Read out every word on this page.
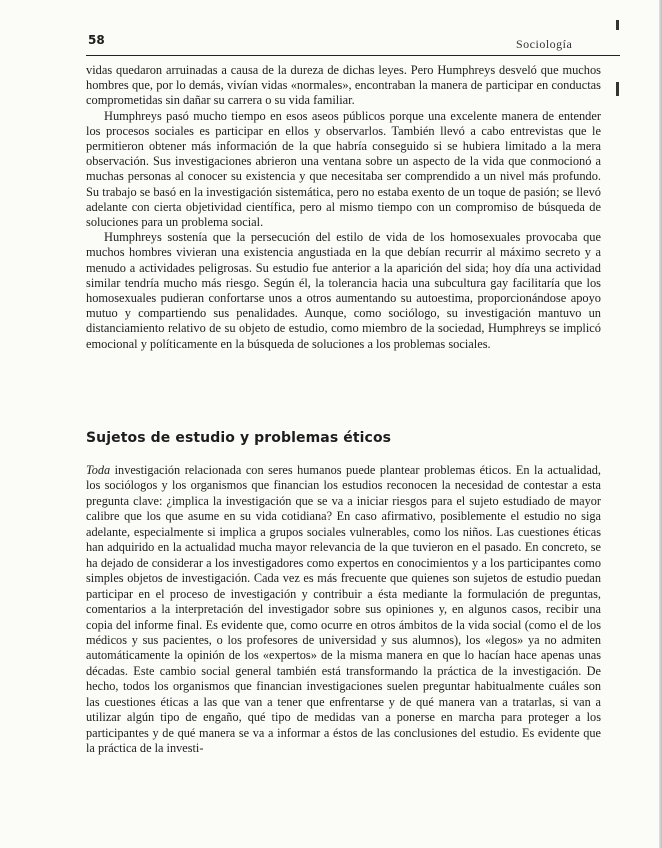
58	Sociología

vidas quedaron arruinadas a causa de la dureza de dichas leyes. Pero Humphreys desveló que muchos hombres que, por lo demás, vivían vidas «normales», encontraban la manera de participar en conductas comprometidas sin dañar su carrera o su vida familiar.

Humphreys pasó mucho tiempo en esos aseos públicos porque una excelente manera de entender los procesos sociales es participar en ellos y observarlos. También llevó a cabo entrevistas que le permitieron obtener más información de la que habría conseguido si se hubiera limitado a la mera observación. Sus investigaciones abrieron una ventana sobre un aspecto de la vida que conmocionó a muchas personas al conocer su existencia y que necesitaba ser comprendido a un nivel más profundo. Su trabajo se basó en la investigación sistemática, pero no estaba exento de un toque de pasión; se llevó adelante con cierta objetividad científica, pero al mismo tiempo con un compromiso de búsqueda de soluciones para un problema social.

Humphreys sostenía que la persecución del estilo de vida de los homosexuales provocaba que muchos hombres vivieran una existencia angustiada en la que debían recurrir al máximo secreto y a menudo a actividades peligrosas. Su estudio fue anterior a la aparición del sida; hoy día una actividad similar tendría mucho más riesgo. Según él, la tolerancia hacia una subcultura gay facilitaría que los homosexuales pudieran confortarse unos a otros aumentando su autoestima, proporcionándose apoyo mutuo y compartiendo sus penalidades. Aunque, como sociólogo, su investigación mantuvo un distanciamiento relativo de su objeto de estudio, como miembro de la sociedad, Humphreys se implicó emocional y políticamente en la búsqueda de soluciones a los problemas sociales.

Sujetos de estudio y problemas éticos

Toda investigación relacionada con seres humanos puede plantear problemas éticos. En la actualidad, los sociólogos y los organismos que financian los estudios reconocen la necesidad de contestar a esta pregunta clave: ¿implica la investigación que se va a iniciar riesgos para el sujeto estudiado de mayor calibre que los que asume en su vida cotidiana? En caso afirmativo, posiblemente el estudio no siga adelante, especialmente si implica a grupos sociales vulnerables, como los niños. Las cuestiones éticas han adquirido en la actualidad mucha mayor relevancia de la que tuvieron en el pasado. En concreto, se ha dejado de considerar a los investigadores como expertos en conocimientos y a los participantes como simples objetos de investigación. Cada vez es más frecuente que quienes son sujetos de estudio puedan participar en el proceso de investigación y contribuir a ésta mediante la formulación de preguntas, comentarios a la interpretación del investigador sobre sus opiniones y, en algunos casos, recibir una copia del informe final. Es evidente que, como ocurre en otros ámbitos de la vida social (como el de los médicos y sus pacientes, o los profesores de universidad y sus alumnos), los «legos» ya no admiten automáticamente la opinión de los «expertos» de la misma manera en que lo hacían hace apenas unas décadas. Este cambio social general también está transformando la práctica de la investigación. De hecho, todos los organismos que financian investigaciones suelen preguntar habitualmente cuáles son las cuestiones éticas a las que van a tener que enfrentarse y de qué manera van a tratarlas, si van a utilizar algún tipo de engaño, qué tipo de medidas van a ponerse en marcha para proteger a los participantes y de qué manera se va a informar a éstos de las conclusiones del estudio. Es evidente que la práctica de la investi-
